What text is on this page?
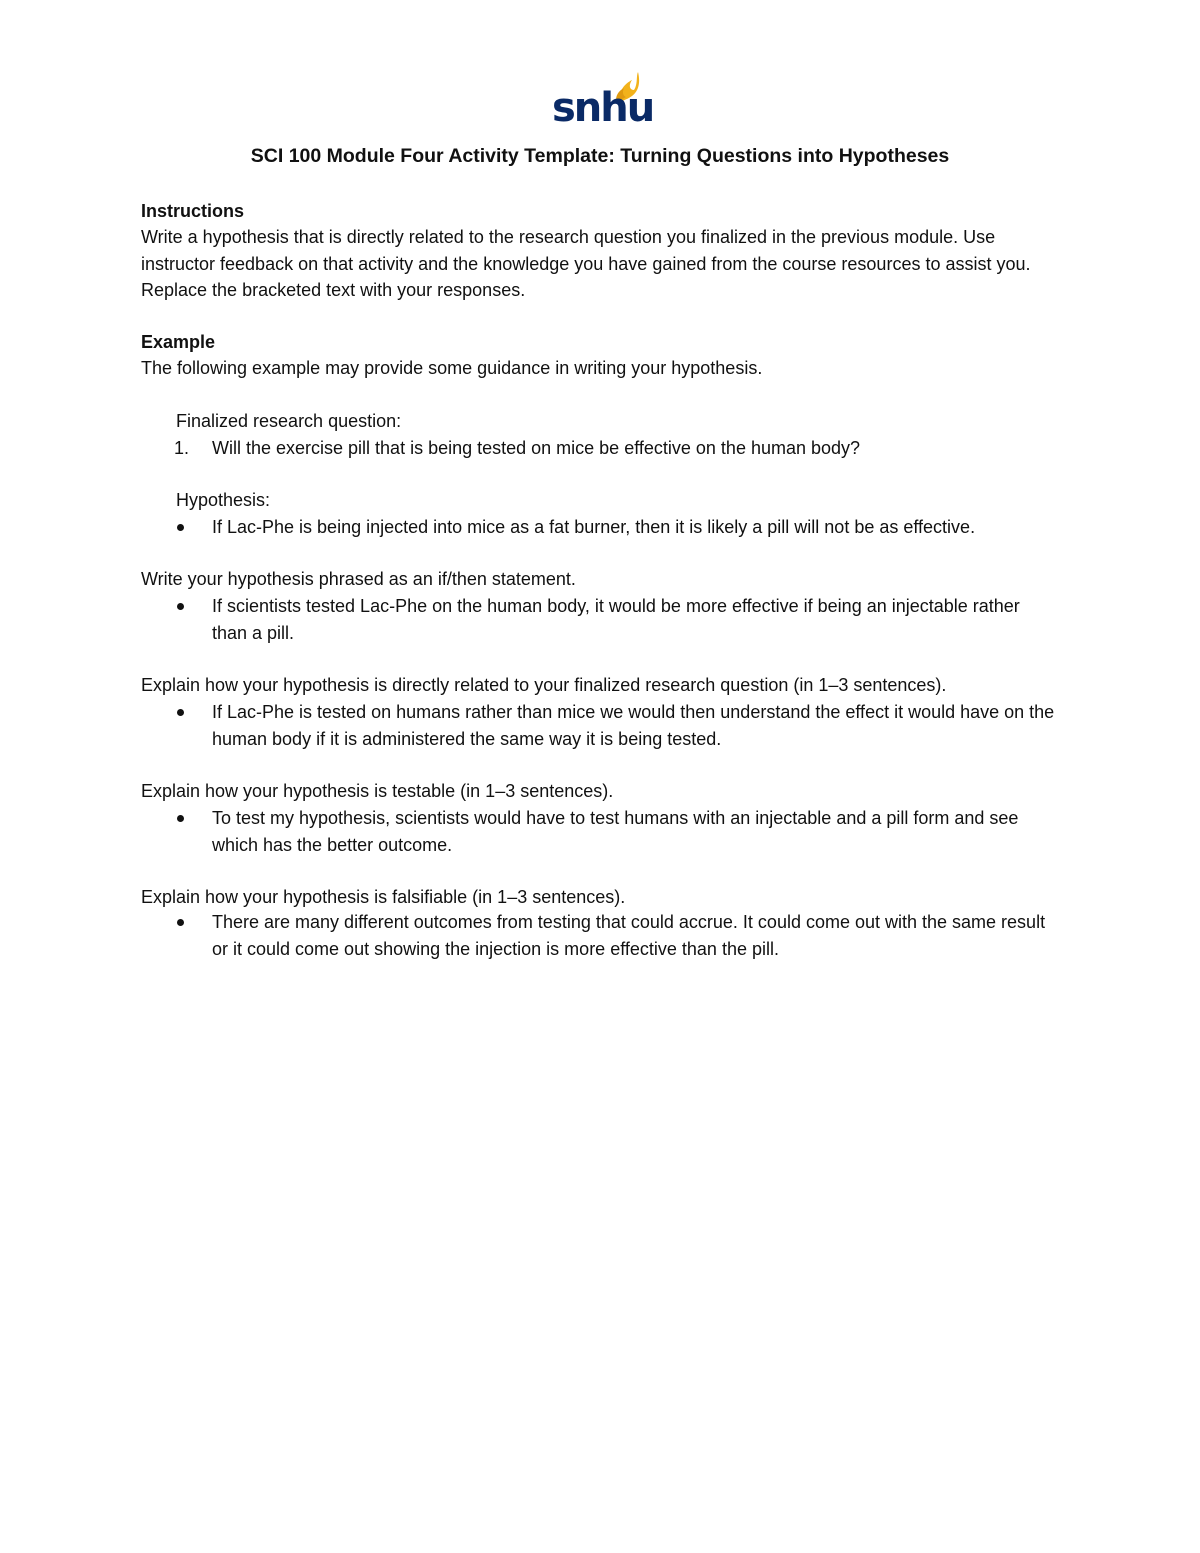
snhu
SCI 100 Module Four Activity Template: Turning Questions into Hypotheses
Instructions
Write a hypothesis that is directly related to the research question you finalized in the previous module. Use instructor feedback on that activity and the knowledge you have gained from the course resources to assist you. Replace the bracketed text with your responses.
Example
The following example may provide some guidance in writing your hypothesis.
Finalized research question:
1.	Will the exercise pill that is being tested on mice be effective on the human body?
Hypothesis:
If Lac-Phe is being injected into mice as a fat burner, then it is likely a pill will not be as effective.
Write your hypothesis phrased as an if/then statement.
If scientists tested Lac-Phe on the human body, it would be more effective if being an injectable rather than a pill.
Explain how your hypothesis is directly related to your finalized research question (in 1–3 sentences).
If Lac-Phe is tested on humans rather than mice we would then understand the effect it would have on the human body if it is administered the same way it is being tested.
Explain how your hypothesis is testable (in 1–3 sentences).
To test my hypothesis, scientists would have to test humans with an injectable and a pill form and see which has the better outcome.
Explain how your hypothesis is falsifiable (in 1–3 sentences).
There are many different outcomes from testing that could accrue. It could come out with the same result or it could come out showing the injection is more effective than the pill.
